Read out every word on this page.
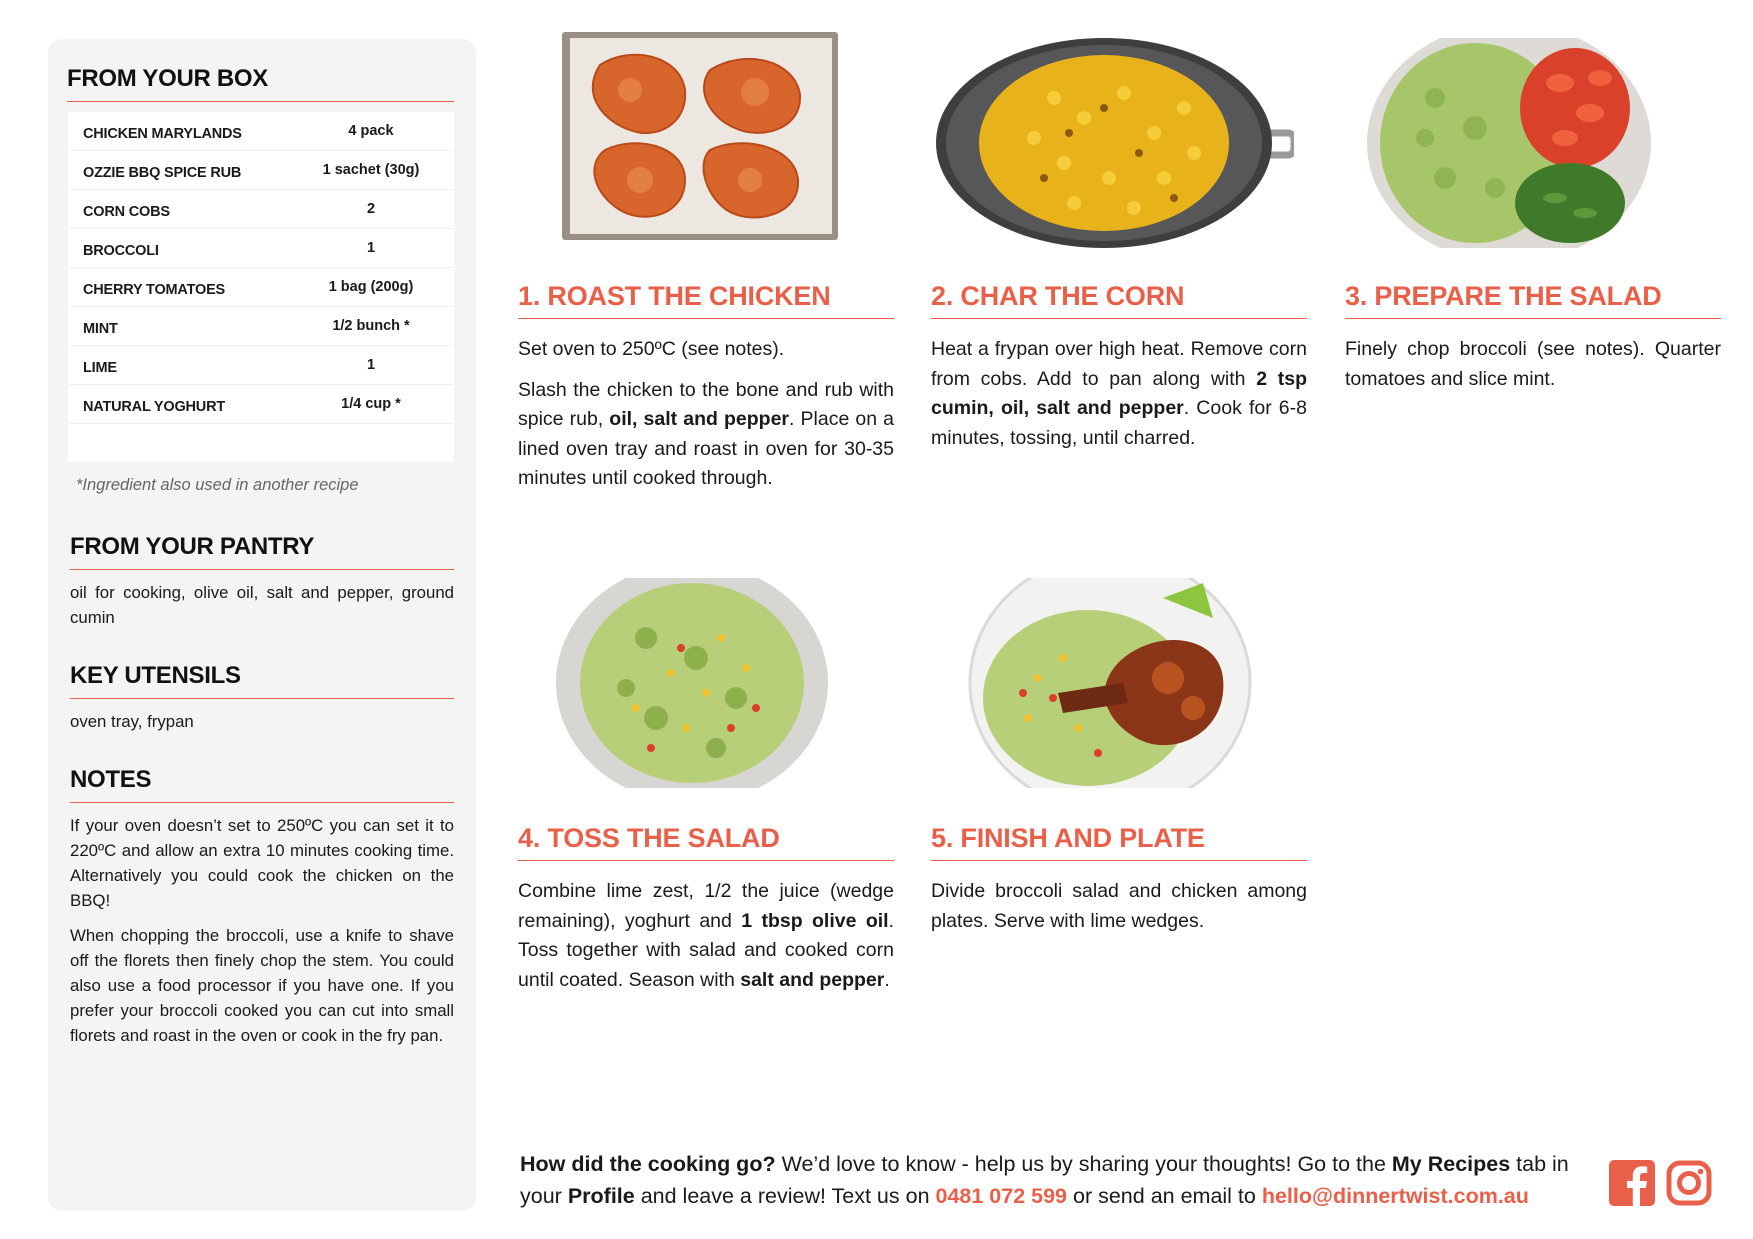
FROM YOUR BOX
CHICKEN MARYLANDS	4 pack
OZZIE BBQ SPICE RUB	1 sachet (30g)
CORN COBS	2
BROCCOLI	1
CHERRY TOMATOES	1 bag (200g)
MINT	1/2 bunch *
LIME	1
NATURAL YOGHURT	1/4 cup *
*Ingredient also used in another recipe
FROM YOUR PANTRY
oil for cooking, olive oil, salt and pepper, ground cumin
KEY UTENSILS
oven tray, frypan
NOTES
If your oven doesn’t set to 250ºC you can set it to 220ºC and allow an extra 10 minutes cooking time. Alternatively you could cook the chicken on the BBQ!
When chopping the broccoli, use a knife to shave off the florets then finely chop the stem. You could also use a food processor if you have one. If you prefer your broccoli cooked you can cut into small florets and roast in the oven or cook in the fry pan.
1. ROAST THE CHICKEN

Set oven to 250ºC (see notes).

Slash the chicken to the bone and rub with spice rub, oil, salt and pepper. Place on a lined oven tray and roast in oven for 30-35 minutes until cooked through.

2. CHAR THE CORN

Heat a frypan over high heat. Remove corn from cobs. Add to pan along with 2 tsp cumin, oil, salt and pepper. Cook for 6-8 minutes, tossing, until charred.

3. PREPARE THE SALAD

Finely chop broccoli (see notes). Quarter tomatoes and slice mint.

4. TOSS THE SALAD

Combine lime zest, 1/2 the juice (wedge remaining), yoghurt and 1 tbsp olive oil. Toss together with salad and cooked corn until coated. Season with salt and pepper.

5. FINISH AND PLATE

Divide broccoli salad and chicken among plates. Serve with lime wedges.

How did the cooking go? We’d love to know - help us by sharing your thoughts! Go to the My Recipes tab in your Profile and leave a review! Text us on 0481 072 599 or send an email to hello@dinnertwist.com.au
